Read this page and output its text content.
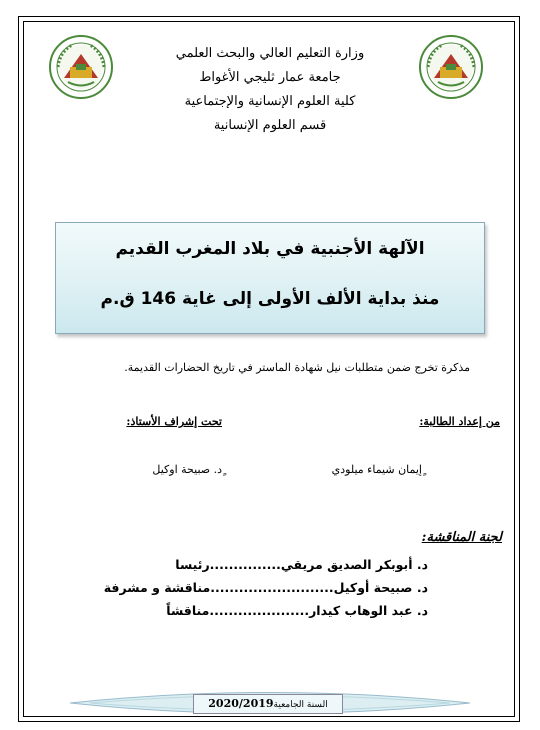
وزارة التعليم العالي والبحث العلمي
جامعة عمار ثليجي الأغواط
كلية العلوم الإنسانية والإجتماعية
قسم العلوم الإنسانية
الآلهة الأجنبية في بلاد المغرب القديم
منذ بداية الألف الأولى إلى غاية 146 ق.م
مذكرة تخرج ضمن متطلبات نيل شهادة الماستر في تاريخ الحضارات القديمة.
من إعداد الطالبة:
تحت إشراف الأستاذ:
ٍإيمان شيماء ميلودي
ٍد. صبيحة اوكيل
لجنة المناقشة:
د. أبوبكر الصديق مريقي...............رئيسا
د. صبيحة أوكيل..........................مناقشة و مشرفة
د. عبد الوهاب كيدار.....................مناقشاً
السنة الجامعية2020/2019
